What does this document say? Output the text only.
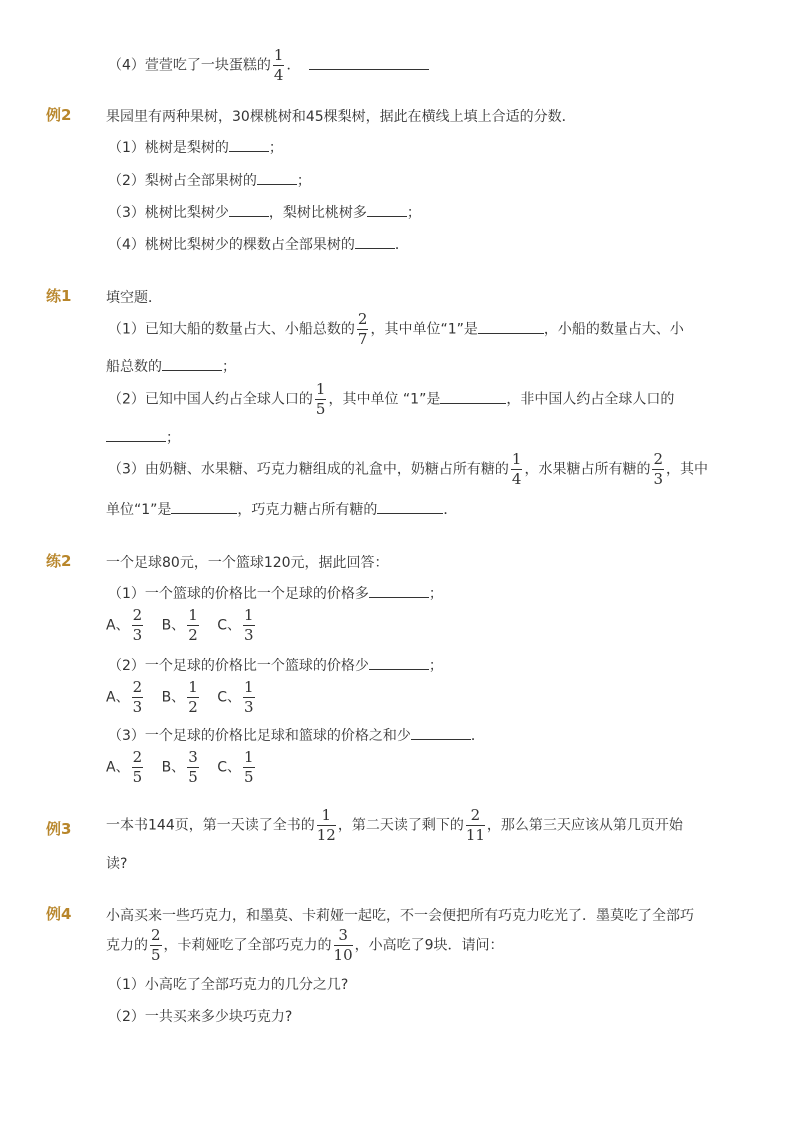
（4）萱萱吃了一块蛋糕的 $\frac{1}{4}$ ．
例2 果园里有两种果树，30棵桃树和45棵梨树，据此在横线上填上合适的分数．
（1）桃树是梨树的	；
（2）梨树占全部果树的	；
（3）桃树比梨树少	，梨树比桃树多	；
（4）桃树比梨树少的棵数占全部果树的	．
练1 填空题．
（1）已知大船的数量占大、小船总数的 $\frac{2}{7}$ ，其中单位“1”是	，小船的数量占大、小
船总数的	；
（2）已知中国人约占全球人口的 $\frac{1}{5}$ ，其中单位 “1”是	，非中国人约占全球人口的
；
（3）由奶糖、水果糖、巧克力糖组成的礼盒中，奶糖占所有糖的 $\frac{1}{4}$ ，水果糖占所有糖的 $\frac{2}{3}$ ，其中
单位“1”是	，巧克力糖占所有糖的	．
练2 一个足球80元，一个篮球120元，据此回答：
（1）一个篮球的价格比一个足球的价格多	；
A、 $\frac{2}{3}$ B、 $\frac{1}{2}$ C、 $\frac{1}{3}$
（2）一个足球的价格比一个篮球的价格少	；
A、 $\frac{2}{3}$ B、 $\frac{1}{2}$ C、 $\frac{1}{3}$
（3）一个足球的价格比足球和篮球的价格之和少	．
A、 $\frac{2}{5}$ B、 $\frac{3}{5}$ C、 $\frac{1}{5}$
例3 一本书144页，第一天读了全书的 $\frac{1}{12}$ ，第二天读了剩下的 $\frac{2}{11}$ ，那么第三天应该从第几页开始
读?
例4 小高买来一些巧克力，和墨莫、卡莉娅一起吃，不一会便把所有巧克力吃光了．墨莫吃了全部巧
克力的 $\frac{2}{5}$ ，卡莉娅吃了全部巧克力的 $\frac{3}{10}$ ，小高吃了9块．请问：
（1）小高吃了全部巧克力的几分之几?
（2）一共买来多少块巧克力?
